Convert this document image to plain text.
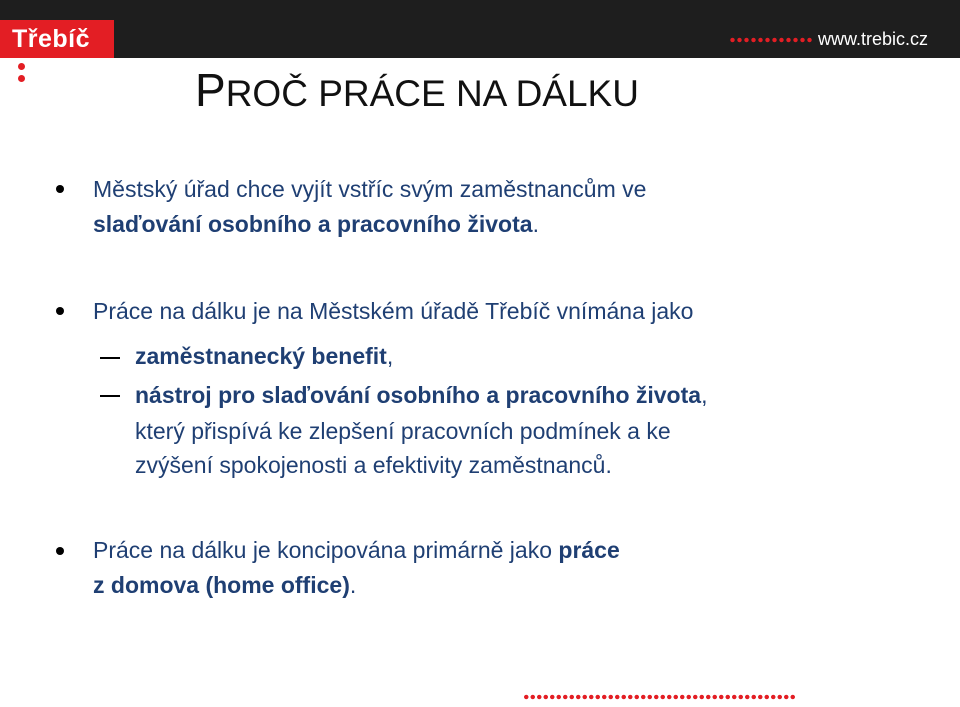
www.trebic.cz
Třebíč
PROČ PRÁCE NA DÁLKU
Městský úřad chce vyjít vstříc svým zaměstnancům ve
slaďování osobního a pracovního života.
Práce na dálku je na Městském úřadě Třebíč vnímána jako
zaměstnanecký benefit,
nástroj pro slaďování osobního a pracovního života,
který přispívá ke zlepšení pracovních podmínek a ke
zvýšení spokojenosti a efektivity zaměstnanců.
Práce na dálku je koncipována primárně jako práce
z domova (home office).
